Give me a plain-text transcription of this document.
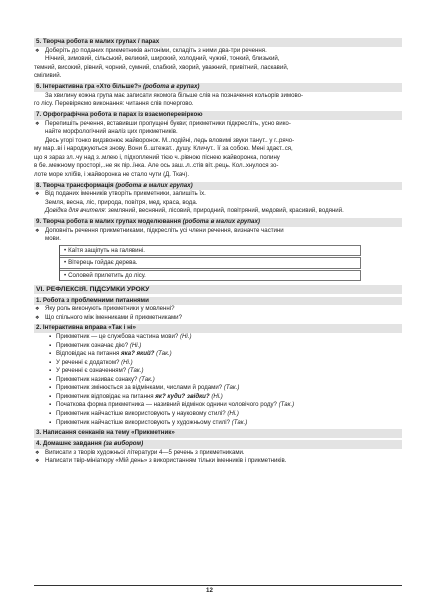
5. Творча робота в малих групах / парах
❖ Доберіть до поданих прикметників антоніми, складіть з ними два-три речення.
Нічний, зимовий, сільський, великий, широкий, холодний, чужий, тонкий, близький,
темний, високий, рівний, чорний, сумний, слабкий, хворий, уважний, привітний, ласкавий,
сміливий.
6. Інтерактивна гра «Хто більше?» (робота в групах)
За хвилину кожна група має записати якомога більше слів на позначення кольорів зимово-
го лісу. Перевіряємо виконання: читання слів почергово.
7. Орфографічна робота в парах із взаємоперевіркою
❖ Перепишіть речення, вставивши пропущені букви; прикметники підкресліть, усно вико-
найте морфологічний аналіз цих прикметників.
Десь угорі тонко видзвонює жайворонок. М..лодійні, ледь вловимі звуки танут.. у г..рячо-
му мар..ві і народжуються знову. Вони б..штежат.. душу. Кличут.. її за собою. Мені здаєт..ся,
що я зараз зл..чу над з..млею і, підхоплений тією ч..рівною піснею жайворонка, полину
в бе..межному просторі,..не як пір..їнка. Але ось заш..л..стів віт..рець. Кол..хнулося зо-
лоте море хлібів, і жайворонка не стало чути (Д. Ткач).
8. Творча трансформація (робота в малих групах)
❖ Від поданих іменників утворіть прикметники, запишіть їх.
Земля, весна, ліс, природа, повітря, мед, краса, вода.
Довідка для вчителя: земляний, весняний, лісовий, природний, повітряний, медовий, красивий, водяний.
9. Творча робота в малих групах моделювання (робота в малих групах)
❖ Доповніть речення прикметниками, підкресліть усі члени речення, визначте частини
мови.
• Каїтя защіпуть на галявині.
• Вітерець гойдає дерева.
• Соловей прилетить до лісу.
VI. РЕФЛЕКСІЯ. ПІДСУМКИ УРОКУ
1. Робота з проблемними питаннями
❖ Яку роль виконують прикметники у мовленні?
❖ Що спільного між іменниками й прикметниками?
2. Інтерактивна вправа «Так і ні»
▪ Прикметник — це службова частина мови? (Ні.)
▪ Прикметник означає дію? (Ні.)
▪ Відповідає на питання яка? який? (Так.)
▪ У реченні є додатком? (Ні.)
▪ У реченні є означенням? (Так.)
▪ Прикметник називає ознаку? (Так.)
▪ Прикметник змінюється за відмінками, числами й родами? (Так.)
▪ Прикметник відповідає на питання як? куди? звідки? (Ні.)
▪ Початкова форма прикметника — називний відмінок однини чоловічого роду? (Так.)
▪ Прикметник найчастіше використовують у науковому стилі? (Ні.)
▪ Прикметник найчастіше використовують у художньому стилі? (Так.)
3. Написання сенканів на тему «Прикметник»
4. Домашнє завдання (за вибором)
❖ Виписати з творів художньої літератури 4—5 речень з прикметниками.
❖ Написати твір-мініатюру «Мій день» з використанням тільки іменників і прикметників.
12
